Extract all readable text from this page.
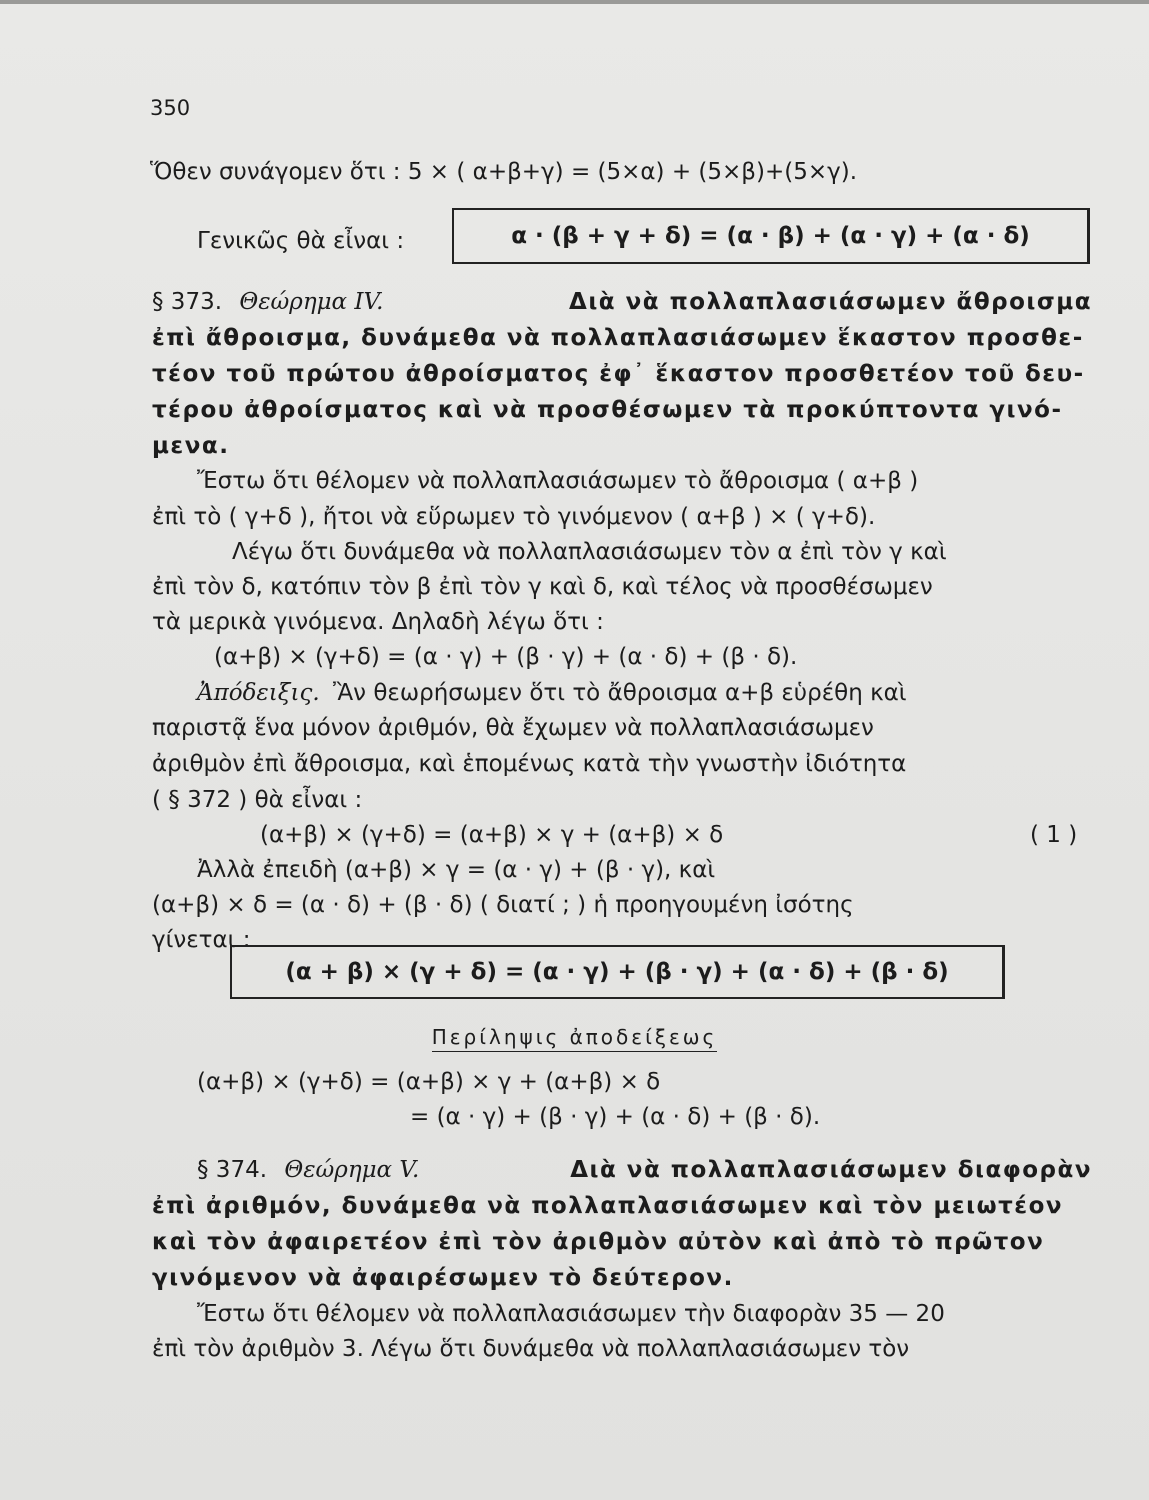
350
Ὅθεν συνάγομεν ὅτι : 5 × ( α+β+γ) = (5×α) + (5×β)+(5×γ).
Γενικῶς θὰ εἶναι :	α · (β + γ + δ) = (α · β) + (α · γ) + (α · δ)
§ 373. Θεώρημα IV.	Διὰ νὰ πολλαπλασιάσωμεν ἄθροισμα
ἐπὶ ἄθροισμα, δυνάμεθα νὰ πολλαπλασιάσωμεν ἕκαστον προσθε-
τέον τοῦ πρώτου ἀθροίσματος ἐφ᾽ ἕκαστον προσθετέον τοῦ δευ-
τέρου ἀθροίσματος καὶ νὰ προσθέσωμεν τὰ προκύπτοντα γινό-
μενα.
Ἔστω ὅτι θέλομεν νὰ πολλαπλασιάσωμεν τὸ ἄθροισμα ( α+β )
ἐπὶ τὸ ( γ+δ ), ἤτοι νὰ εὕρωμεν τὸ γινόμενον ( α+β ) × ( γ+δ).
Λέγω ὅτι δυνάμεθα νὰ πολλαπλασιάσωμεν τὸν α ἐπὶ τὸν γ καὶ
ἐπὶ τὸν δ, κατόπιν τὸν β ἐπὶ τὸν γ καὶ δ, καὶ τέλος νὰ προσθέσωμεν
τὰ μερικὰ γινόμενα. Δηλαδὴ λέγω ὅτι :
(α+β) × (γ+δ) = (α · γ) + (β · γ) + (α · δ) + (β · δ).
Ἀπόδειξις. Ἂν θεωρήσωμεν ὅτι τὸ ἄθροισμα α+β εὑρέθη καὶ
παριστᾷ ἕνα μόνον ἀριθμόν, θὰ ἔχωμεν νὰ πολλαπλασιάσωμεν
ἀριθμὸν ἐπὶ ἄθροισμα, καὶ ἑπομένως κατὰ τὴν γνωστὴν ἰδιότητα
( § 372 ) θὰ εἶναι :
(α+β) × (γ+δ) = (α+β) × γ + (α+β) × δ	( 1 )
Ἀλλὰ ἐπειδὴ (α+β) × γ = (α · γ) + (β · γ), καὶ
(α+β) × δ = (α · δ) + (β · δ) ( διατί ; ) ἡ προηγουμένη ἰσότης
γίνεται :
(α + β) × (γ + δ) = (α · γ) + (β · γ) + (α · δ) + (β · δ)
Περίληψις ἀποδείξεως
(α+β) × (γ+δ) = (α+β) × γ + (α+β) × δ
= (α · γ) + (β · γ) + (α · δ) + (β · δ).
§ 374. Θεώρημα V.	Διὰ νὰ πολλαπλασιάσωμεν διαφορὰν
ἐπὶ ἀριθμόν, δυνάμεθα νὰ πολλαπλασιάσωμεν καὶ τὸν μειωτέον
καὶ τὸν ἀφαιρετέον ἐπὶ τὸν ἀριθμὸν αὐτὸν καὶ ἀπὸ τὸ πρῶτον
γινόμενον νὰ ἀφαιρέσωμεν τὸ δεύτερον.
Ἔστω ὅτι θέλομεν νὰ πολλαπλασιάσωμεν τὴν διαφορὰν 35 — 20
ἐπὶ τὸν ἀριθμὸν 3. Λέγω ὅτι δυνάμεθα νὰ πολλαπλασιάσωμεν τὸν
